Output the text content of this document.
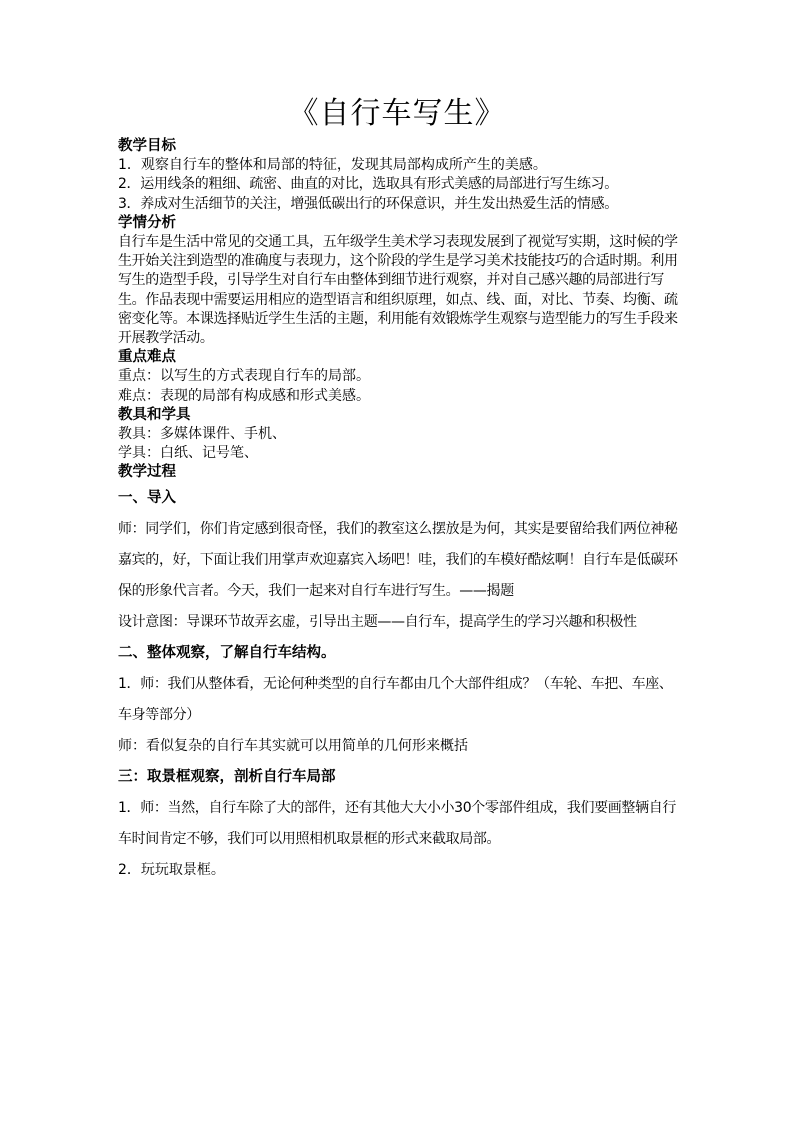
《自行车写生》

教学目标

1．观察自行车的整体和局部的特征，发现其局部构成所产生的美感。

2．运用线条的粗细、疏密、曲直的对比，选取具有形式美感的局部进行写生练习。

3．养成对生活细节的关注，增强低碳出行的环保意识，并生发出热爱生活的情感。

学情分析

自行车是生活中常见的交通工具，五年级学生美术学习表现发展到了视觉写实期，这时候的学生开始关注到造型的准确度与表现力，这个阶段的学生是学习美术技能技巧的合适时期。利用写生的造型手段，引导学生对自行车由整体到细节进行观察，并对自己感兴趣的局部进行写生。作品表现中需要运用相应的造型语言和组织原理，如点、线、面，对比、节奏、均衡、疏密变化等。本课选择贴近学生生活的主题，利用能有效锻炼学生观察与造型能力的写生手段来开展教学活动。

重点难点

重点：以写生的方式表现自行车的局部。

难点：表现的局部有构成感和形式美感。

教具和学具

教具：多媒体课件、手机、

学具：白纸、记号笔、

教学过程

一、导入

师：同学们，你们肯定感到很奇怪，我们的教室这么摆放是为何，其实是要留给我们两位神秘嘉宾的，好，下面让我们用掌声欢迎嘉宾入场吧！哇，我们的车模好酷炫啊！自行车是低碳环保的形象代言者。今天，我们一起来对自行车进行写生。——揭题

设计意图：导课环节故弄玄虚，引导出主题——自行车，提高学生的学习兴趣和积极性

二、整体观察，了解自行车结构。

1．师：我们从整体看，无论何种类型的自行车都由几个大部件组成？（车轮、车把、车座、车身等部分）

师：看似复杂的自行车其实就可以用简单的几何形来概括

三：取景框观察，剖析自行车局部

1．师：当然，自行车除了大的部件，还有其他大大小小30个零部件组成，我们要画整辆自行车时间肯定不够，我们可以用照相机取景框的形式来截取局部。

2．玩玩取景框。
